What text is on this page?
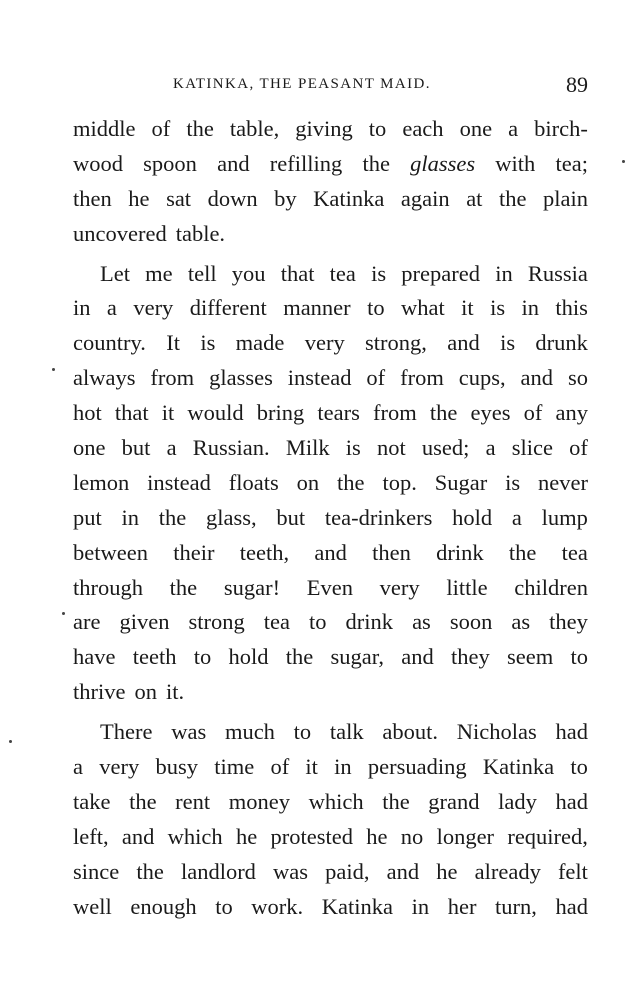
KATINKA, THE PEASANT MAID.	89
middle of the table, giving to each one a birch-
wood spoon and refilling the glasses with tea;
then he sat down by Katinka again at the plain
uncovered table.
Let me tell you that tea is prepared in Russia
in a very different manner to what it is in this
country. It is made very strong, and is drunk
always from glasses instead of from cups, and so
hot that it would bring tears from the eyes of any
one but a Russian. Milk is not used; a slice of
lemon instead floats on the top. Sugar is never
put in the glass, but tea-drinkers hold a lump
between their teeth, and then drink the tea
through the sugar! Even very little children
are given strong tea to drink as soon as they
have teeth to hold the sugar, and they seem to
thrive on it.
There was much to talk about. Nicholas had
a very busy time of it in persuading Katinka to
take the rent money which the grand lady had
left, and which he protested he no longer required,
since the landlord was paid, and he already felt
well enough to work. Katinka in her turn, had
